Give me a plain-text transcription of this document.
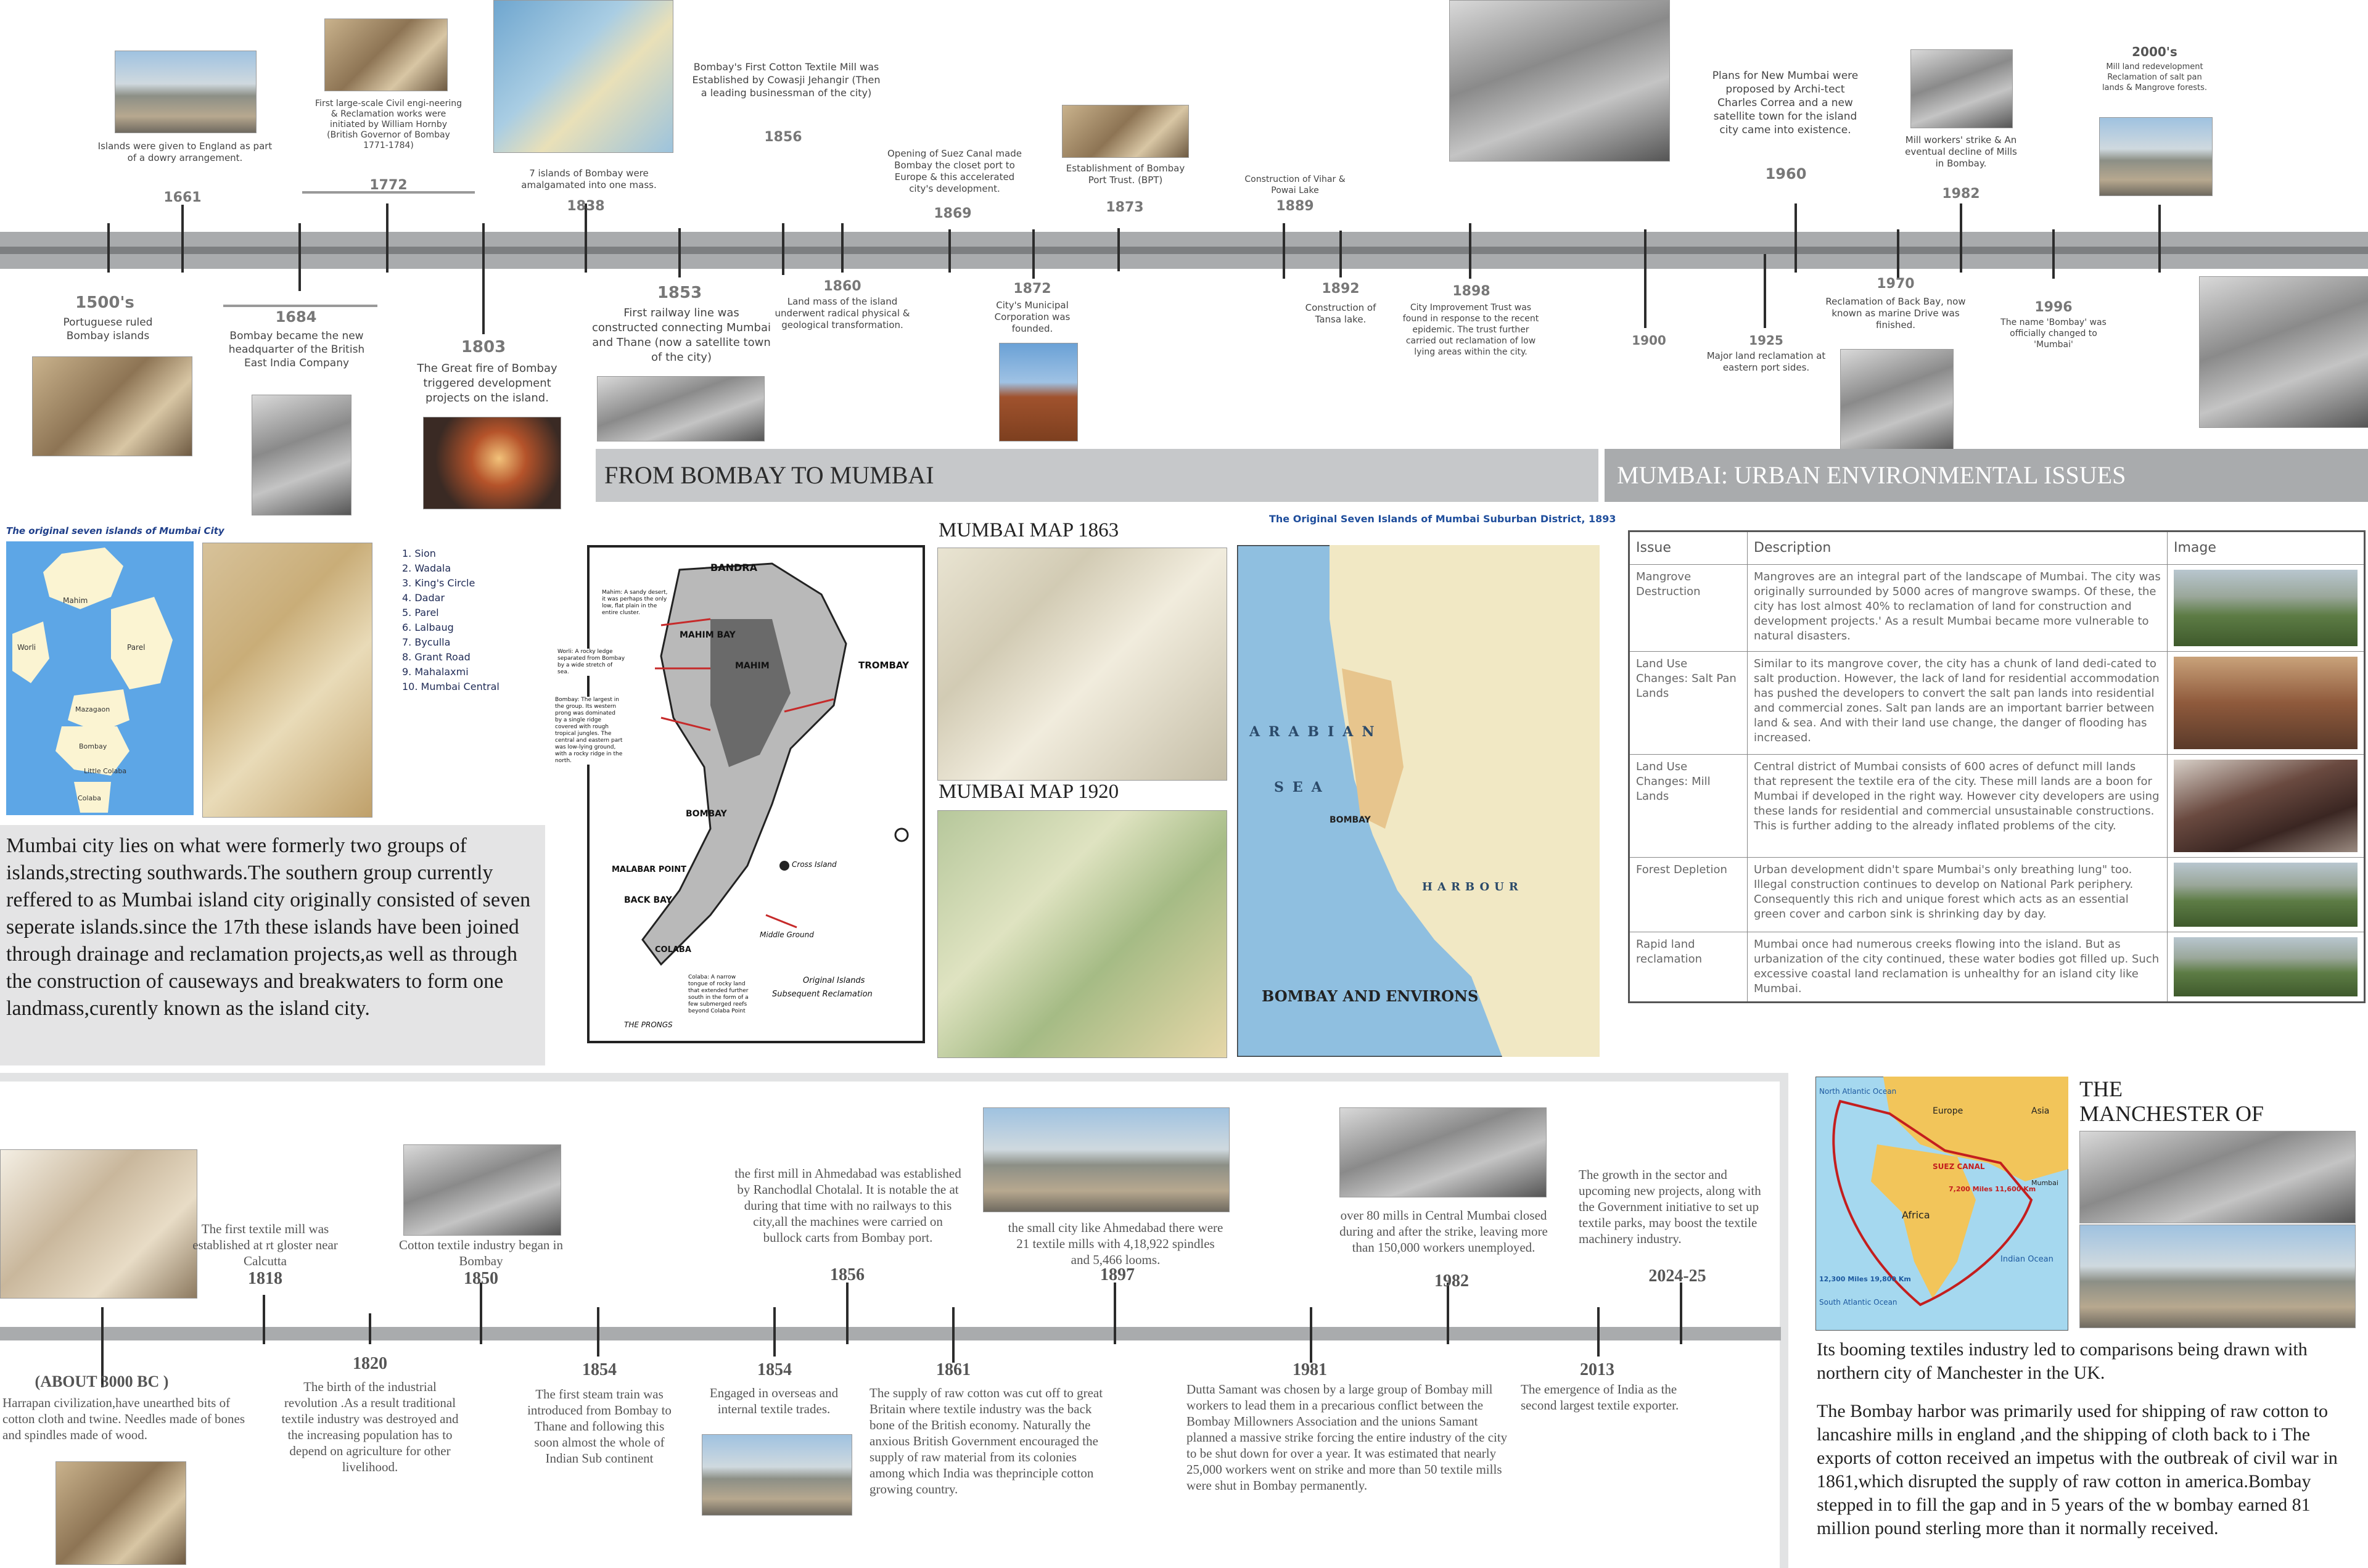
Islands were given to England as part of a dowry arrangement.
1661
First large-scale Civil engi-neering & Reclamation works were initiated by William Hornby (British Governor of Bombay 1771-1784)
1772
7 islands of Bombay were amalgamated into one mass.
1838
Bombay's First Cotton Textile Mill was Established by Cowasji Jehangir (Then a leading businessman of the city)
1856
Opening of Suez Canal made Bombay the closet port to Europe & this accelerated city's development.
1869
Establishment of Bombay Port Trust. (BPT)
1873
Construction of Vihar & Powai Lake
1889
Plans for New Mumbai were proposed by Archi-tect Charles Correa and a new satellite town for the island city came into existence.
1960
Mill workers' strike & An eventual decline of Mills in Bombay.
1982
2000's
Mill land redevelopment Reclamation of salt pan lands & Mangrove forests.
1500's
Portuguese ruled Bombay islands
1684
Bombay became the new headquarter of the British East India Company
1803
The Great fire of Bombay triggered development projects on the island.
1853
First railway line was constructed connecting Mumbai and Thane (now a satellite town of the city)
1860
Land mass of the island underwent radical physical & geological transformation.
1872
City's Municipal Corporation was founded.
1892
Construction of Tansa lake.
1898
City Improvement Trust was found in response to the recent epidemic. The trust further carried out reclamation of low lying areas within the city.
1900	1925
Major land reclamation at eastern port sides.
1970
Reclamation of Back Bay, now known as marine Drive was finished.
1996
The name 'Bombay' was officially changed to 'Mumbai'
FROM BOMBAY TO MUMBAI	MUMBAI: URBAN ENVIRONMENTAL ISSUES
The original seven islands of Mumbai City
Mahim
Worli	Parel
Mazagaon
Bombay
Little Colaba
Colaba
1. Sion
2. Wadala
3. King's Circle
4. Dadar
5. Parel
6. Lalbaug
7. Byculla
8. Grant Road
9. Mahalaxmi
10. Mumbai Central
Mumbai city lies on what were formerly two groups of islands,strecting southwards.The southern group currently reffered to as Mumbai island city originally consisted of seven seperate islands.since the 17th these islands have been joined through drainage and reclamation projects,as well as through the construction of causeways and breakwaters to form one landmass,curently known as the island city.
BANDRA
MAHIM BAY
MAHIM	TROMBAY
MALABAR POINT
BACK BAY
BOMBAY
COLABA
Original Islands
Subsequent Reclamation
THE PRONGS
Cross Island
Middle Ground
Mahim: A sandy desert, it was perhaps the only low, flat plain in the entire cluster.
Worli: A rocky ledge separated from Bombay by a wide stretch of sea.
Bombay: The largest in the group. Its western prong was dominated by a single ridge covered with rough tropical jungles. The central and eastern part was low-lying ground, with a rocky ridge in the north.
Colaba: A narrow tongue of rocky land that extended further south in the form of a few submerged reefs beyond Colaba Point
MUMBAI MAP 1863
MUMBAI MAP 1920
The Original Seven Islands of Mumbai Suburban District, 1893
ARABIAN
SEA
BOMBAY
HARBOUR
BOMBAY AND ENVIRONS
Issue	Description	Image
Mangrove Destruction	Mangroves are an integral part of the landscape of Mumbai. The city was originally surrounded by 5000 acres of mangrove swamps. Of these, the city has lost almost 40% to reclamation of land for construction and development projects.' As a result Mumbai became more vulnerable to natural disasters.	

Land Use Changes: Salt Pan Lands	Similar to its mangrove cover, the city has a chunk of land dedi-cated to salt production. However, the lack of land for residential accommodation has pushed the developers to convert the salt pan lands into residential and commercial zones. Salt pan lands are an important barrier between land & sea. And with their land use change, the danger of flooding has increased.	

Land Use Changes: Mill Lands	Central district of Mumbai consists of 600 acres of defunct mill lands that represent the textile era of the city. These mill lands are a boon for Mumbai if developed in the right way. However city developers are using these lands for residential and commercial unsustainable constructions. This is further adding to the already inflated problems of the city.	

Forest Depletion	Urban development didn't spare Mumbai's only breathing lung" too. Illegal construction continues to develop on National Park periphery. Consequently this rich and unique forest which acts as an essential green cover and carbon sink is shrinking day by day.	

Rapid land reclamation	Mumbai once had numerous creeks flowing into the island. But as urbanization of the city continued, these water bodies got filled up. Such excessive coastal land reclamation is unhealthy for an island city like Mumbai.	
The first textile mill was established at rt gloster near Calcutta
1818
Cotton textile industry began in Bombay
1850
the first mill in Ahmedabad was established by Ranchodlal Chotalal. It is notable the at during that time with no railways to this city,all the machines were carried on bullock carts from Bombay port.
1856
the small city like Ahmedabad there were 21 textile mills with 4,18,922 spindles and 5,466 looms.
1897
over 80 mills in Central Mumbai closed during and after the strike, leaving more than 150,000 workers unemployed.
1982
The growth in the sector and upcoming new projects, along with the Government initiative to set up textile parks, may boost the textile machinery industry.
2024-25
(ABOUT 3000 BC )
Harrapan civilization,have unearthed bits of cotton cloth and twine. Needles made of bones and spindles made of wood.
1820
The birth of the industrial revolution .As a result traditional textile industry was destroyed and the increasing population has to depend on agriculture for other livelihood.
1854
The first steam train was introduced from Bombay to Thane and following this soon almost the whole of Indian Sub continent
1854
Engaged in overseas and internal textile trades.
1861
The supply of raw cotton was cut off to great Britain where textile industry was the back bone of the British economy. Naturally the anxious British Government encouraged the supply of raw material from its colonies among which India was theprinciple cotton growing country.
1981
Dutta Samant was chosen by a large group of Bombay mill workers to lead them in a precarious conflict between the Bombay Millowners Association and the unions Samant planned a massive strike forcing the entire industry of the city to be shut down for over a year. It was estimated that nearly 25,000 workers went on strike and more than 50 textile mills were shut in Bombay permanently.
2013
The emergence of India as the second largest textile exporter.
North Atlantic Ocean
Europe	Asia
Africa
Indian Ocean
South Atlantic Ocean
SUEZ CANAL
Mumbai
7,200 Miles 11,600 Km
12,300 Miles 19,800 Km
THE MANCHESTER OF
Its booming textiles industry led to comparisons being drawn with northern city of Manchester in the UK.
The Bombay harbor was primarily used for shipping of raw cotton to lancashire mills in england ,and the shipping of cloth back to i The exports of cotton received an impetus with the outbreak of civil war in 1861,which disrupted the supply of raw cotton in america.Bombay stepped in to fill the gap and in 5 years of the w bombay earned 81 million pound sterling more than it normally received.
